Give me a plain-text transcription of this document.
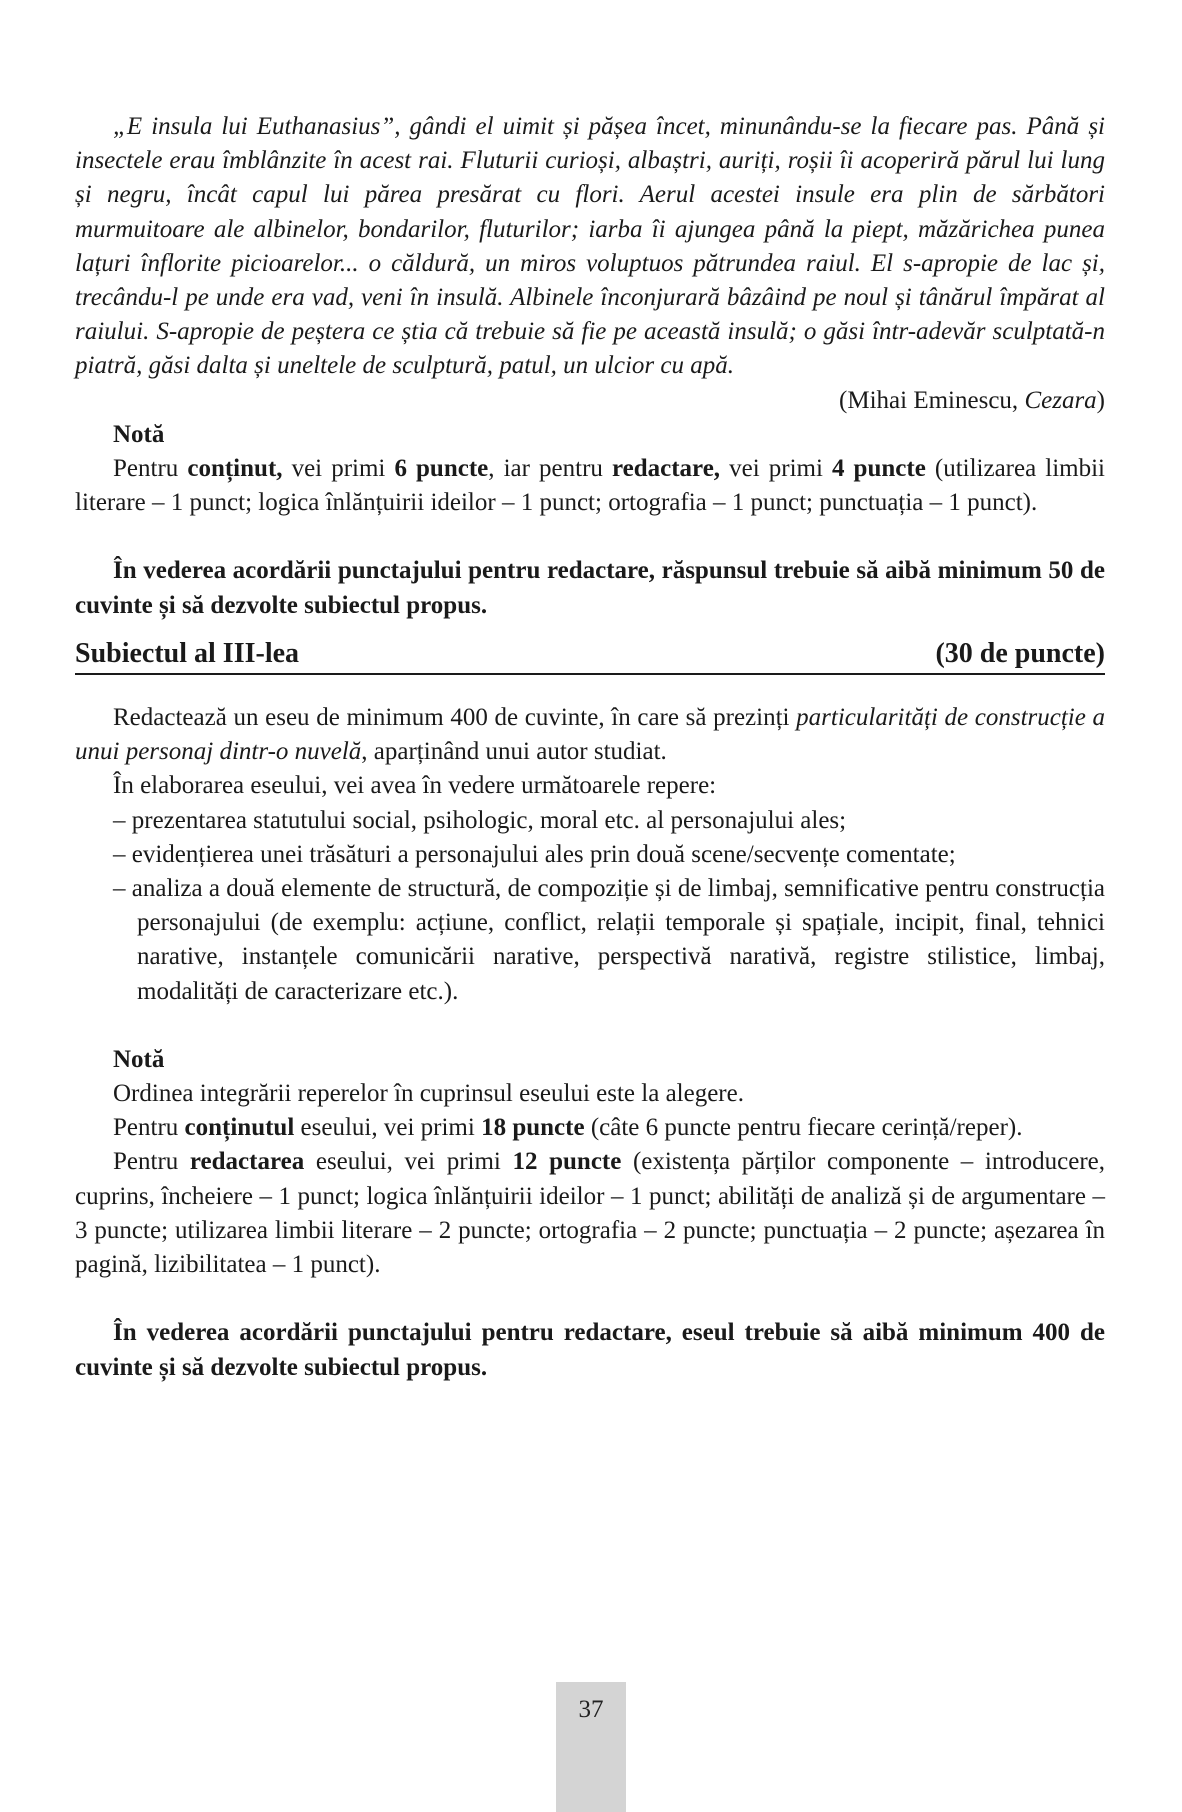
„E insula lui Euthanasius”, gândi el uimit și pășea încet, minunându-se la fiecare pas. Până și insectele erau îmblânzite în acest rai. Fluturii curioși, albaștri, auriți, roșii îi acoperiră părul lui lung și negru, încât capul lui părea presărat cu flori. Aerul acestei insule era plin de sărbători murmuitoare ale albinelor, bondarilor, fluturilor; iarba îi ajungea până la piept, măzărichea punea lațuri înflorite picioarelor... o căldură, un miros voluptuos pătrundea raiul. El s-apropie de lac și, trecându-l pe unde era vad, veni în insulă. Albinele înconjurară bâzâind pe noul și tânărul împărat al raiului. S-apropie de peștera ce știa că trebuie să fie pe această insulă; o găsi într-adevăr sculptată-n piatră, găsi dalta și uneltele de sculptură, patul, un ulcior cu apă.

(Mihai Eminescu, Cezara)

Notă

Pentru conținut, vei primi 6 puncte, iar pentru redactare, vei primi 4 puncte (utilizarea limbii literare – 1 punct; logica înlănțuirii ideilor – 1 punct; ortografia – 1 punct; punctuația – 1 punct).

În vederea acordării punctajului pentru redactare, răspunsul trebuie să aibă minimum 50 de cuvinte și să dezvolte subiectul propus.

Subiectul al III-lea	(30 de puncte)

Redactează un eseu de minimum 400 de cuvinte, în care să prezinți particularități de construcție a unui personaj dintr-o nuvelă, aparținând unui autor studiat.

În elaborarea eseului, vei avea în vedere următoarele repere:

– prezentarea statutului social, psihologic, moral etc. al personajului ales;

– evidențierea unei trăsături a personajului ales prin două scene/secvențe comentate;

– analiza a două elemente de structură, de compoziție și de limbaj, semnificative pentru construcția personajului (de exemplu: acțiune, conflict, relații temporale și spațiale, incipit, final, tehnici narative, instanțele comunicării narative, perspectivă narativă, registre stilistice, limbaj, modalități de caracterizare etc.).

Notă

Ordinea integrării reperelor în cuprinsul eseului este la alegere.

Pentru conținutul eseului, vei primi 18 puncte (câte 6 puncte pentru fiecare cerință/reper).

Pentru redactarea eseului, vei primi 12 puncte (existența părților componente – introducere, cuprins, încheiere – 1 punct; logica înlănțuirii ideilor – 1 punct; abilități de analiză și de argumentare – 3 puncte; utilizarea limbii literare – 2 puncte; ortografia – 2 puncte; punctuația – 2 puncte; așezarea în pagină, lizibilitatea – 1 punct).

În vederea acordării punctajului pentru redactare, eseul trebuie să aibă minimum 400 de cuvinte și să dezvolte subiectul propus.

37
